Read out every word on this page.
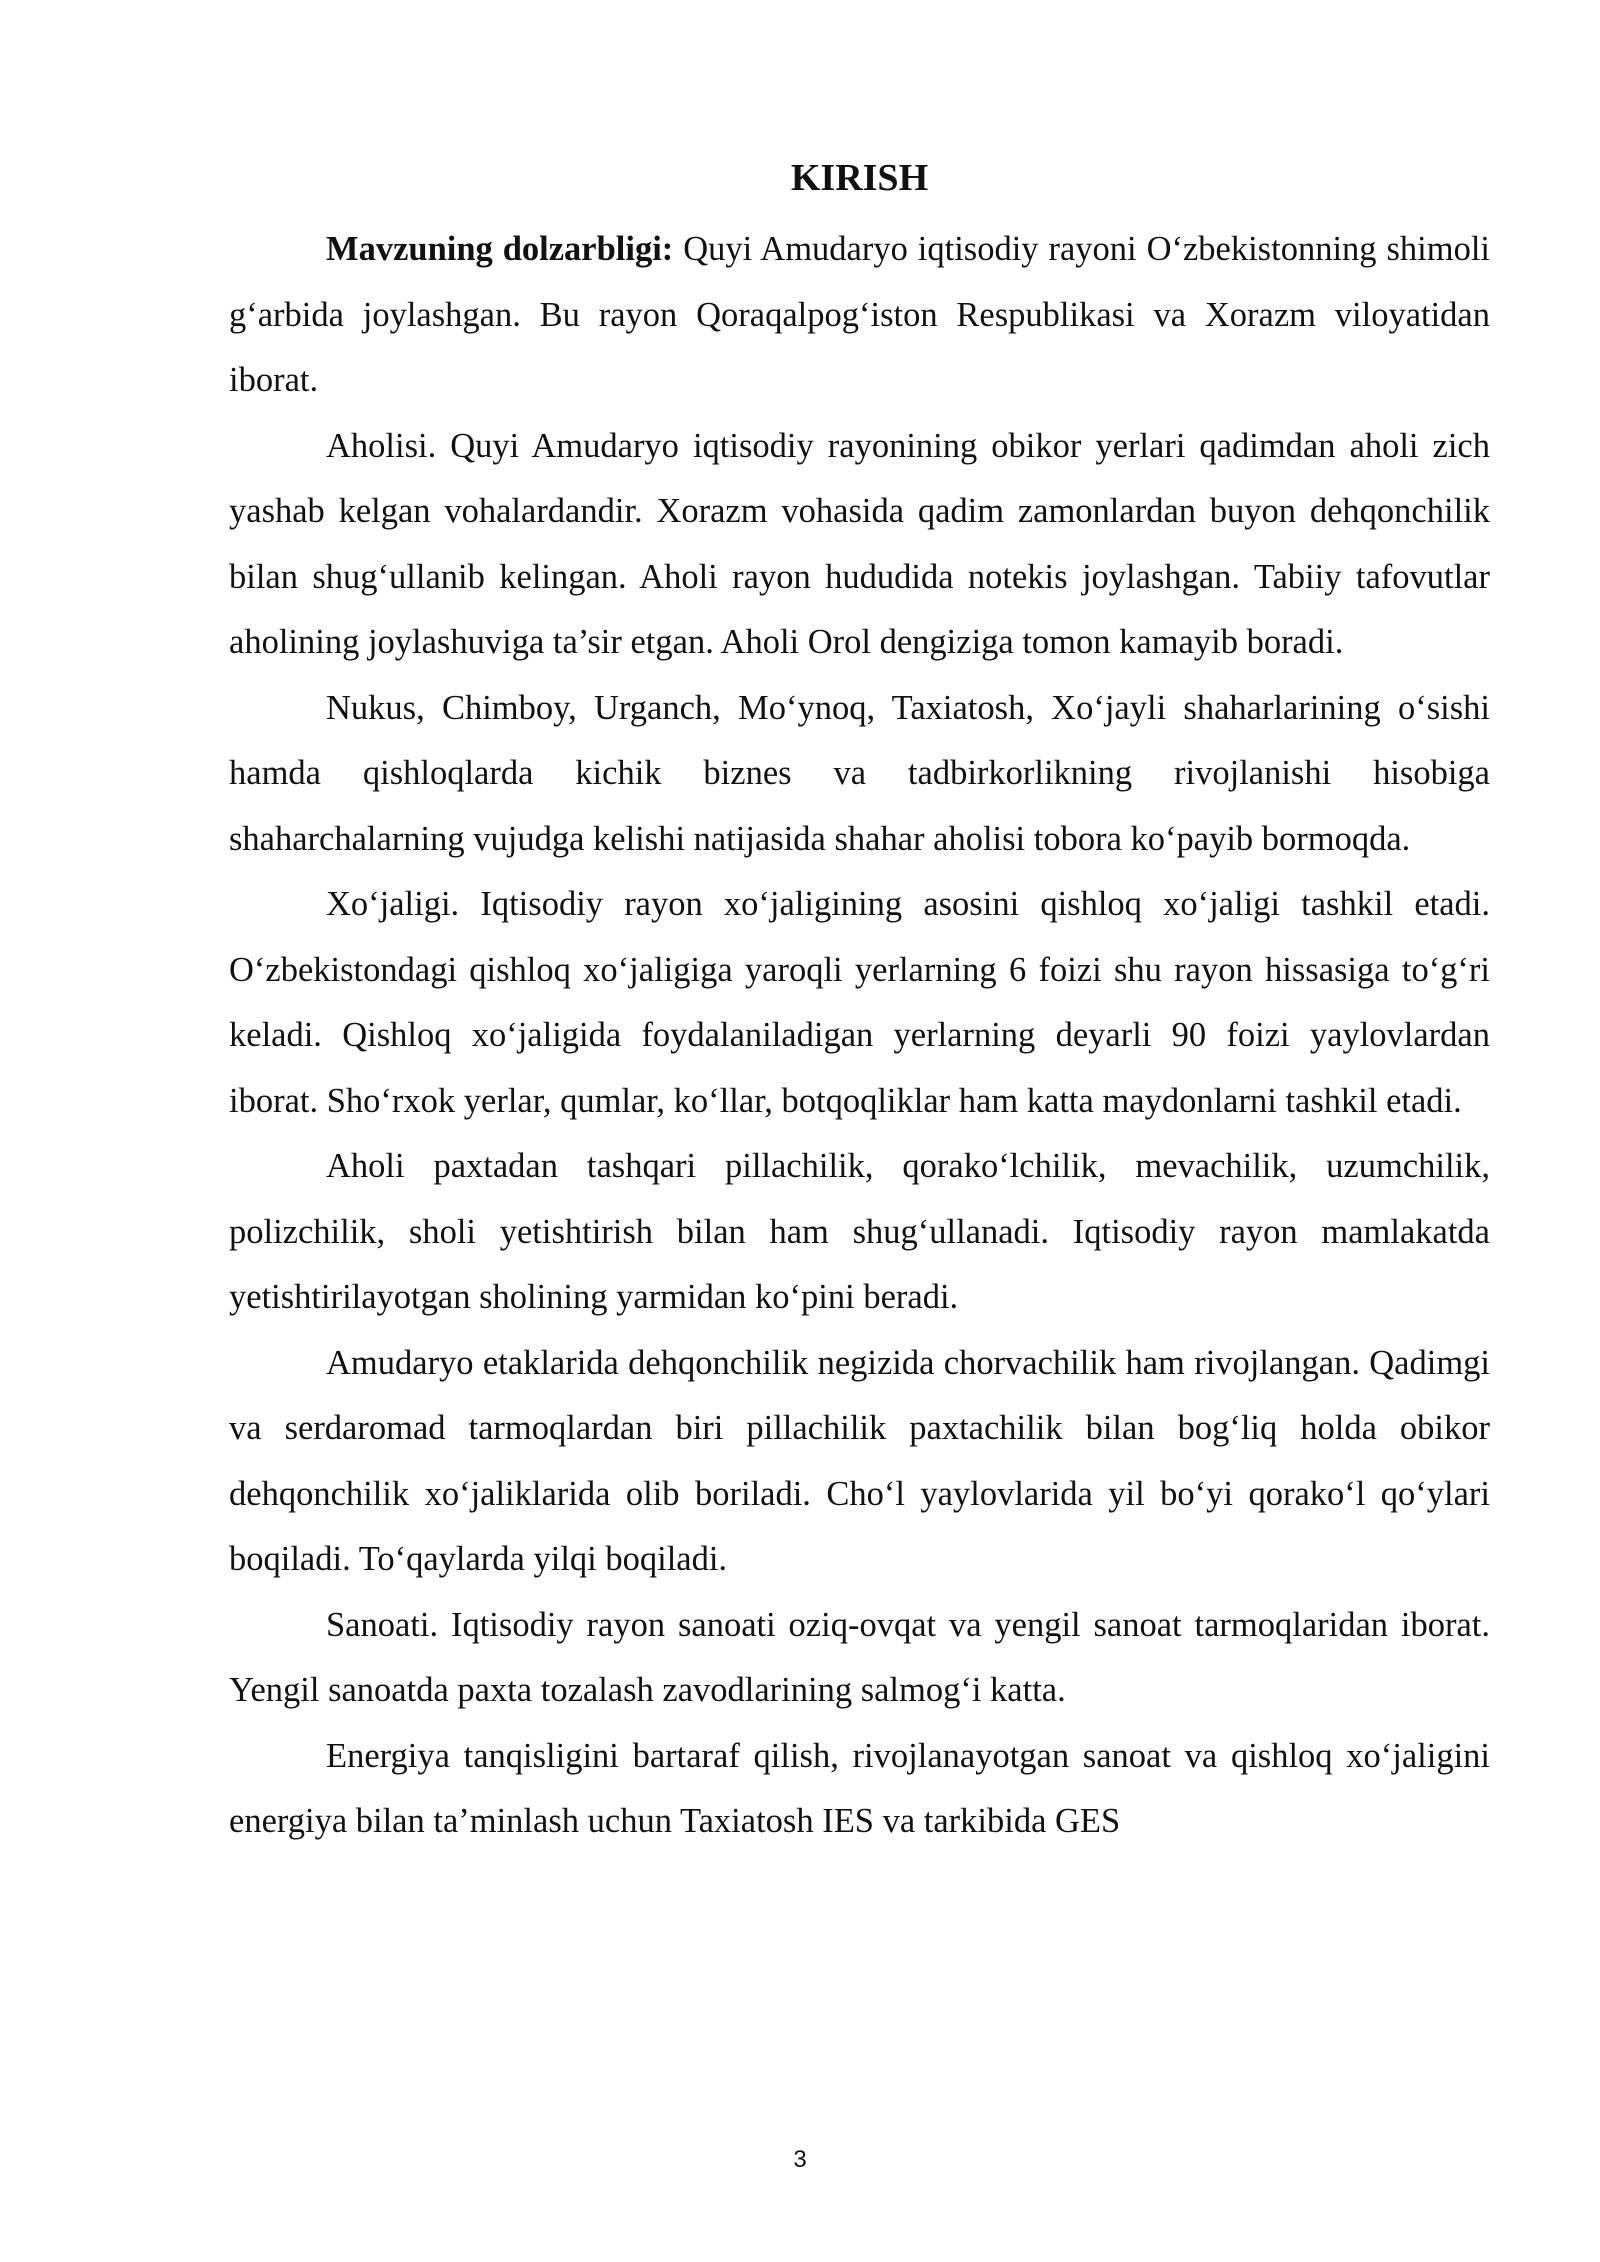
KIRISH

Mavzuning dolzarbligi: Quyi Amudaryo iqtisodiy rayoni O‘zbekistonning shimoli g‘arbida joylashgan. Bu rayon Qoraqalpog‘iston Respublikasi va Xorazm viloyatidan iborat.

Aholisi. Quyi Amudaryo iqtisodiy rayonining obikor yerlari qadimdan aholi zich yashab kelgan vohalardandir. Xorazm vohasida qadim zamonlardan buyon dehqonchilik bilan shug‘ullanib kelingan. Aholi rayon hududida notekis joylashgan. Tabiiy tafovutlar aholining joylashuviga ta’sir etgan. Aholi Orol dengiziga tomon kamayib boradi.

Nukus, Chimboy, Urganch, Mo‘ynoq, Taxiatosh, Xo‘jayli shaharlarining o‘sishi hamda qishloqlarda kichik biznes va tadbirkorlikning rivojlanishi hisobiga shaharchalarning vujudga kelishi natijasida shahar aholisi tobora ko‘payib bormoqda.

Xo‘jaligi. Iqtisodiy rayon xo‘jaligining asosini qishloq xo‘jaligi tashkil etadi. O‘zbekistondagi qishloq xo‘jaligiga yaroqli yerlarning 6 foizi shu rayon hissasiga to‘g‘ri keladi. Qishloq xo‘jaligida foydalaniladigan yerlarning deyarli 90 foizi yaylovlardan iborat. Sho‘rxok yerlar, qumlar, ko‘llar, botqoqliklar ham katta maydonlarni tashkil etadi.

Aholi paxtadan tashqari pillachilik, qorako‘lchilik, mevachilik, uzumchilik, polizchilik, sholi yetishtirish bilan ham shug‘ullanadi. Iqtisodiy rayon mamlakatda yetishtirilayotgan sholining yarmidan ko‘pini beradi.

Amudaryo etaklarida dehqonchilik negizida chorvachilik ham rivojlangan. Qadimgi va serdaromad tarmoqlardan biri pillachilik paxtachilik bilan bog‘liq holda obikor dehqonchilik xo‘jaliklarida olib boriladi. Cho‘l yaylovlarida yil bo‘yi qorako‘l qo‘ylari boqiladi. To‘qaylarda yilqi boqiladi.

Sanoati. Iqtisodiy rayon sanoati oziq-ovqat va yengil sanoat tarmoqlaridan iborat. Yengil sanoatda paxta tozalash zavodlarining salmog‘i katta.

Energiya tanqisligini bartaraf qilish, rivojlanayotgan sanoat va qishloq xo‘jaligini energiya bilan ta’minlash uchun Taxiatosh IES va tarkibida GES

3
